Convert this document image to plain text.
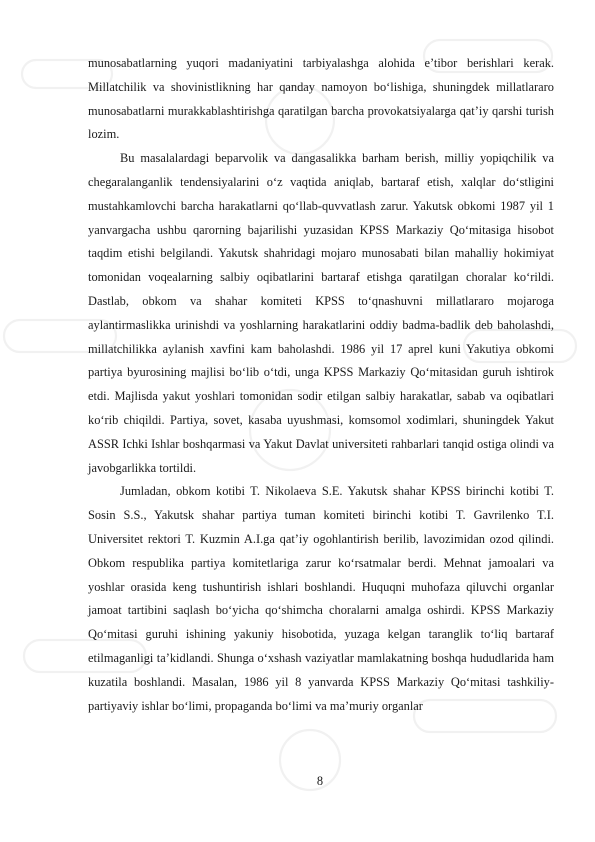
munosabatlarning yuqori madaniyatini tarbiyalashga alohida e’tibor berishlari kerak. Millatchilik va shovinistlikning har qanday namoyon bo‘lishiga, shuningdek millatlararo munosabatlarni murakkablashtirishga qaratilgan barcha provokatsiyalarga qat’iy qarshi turish lozim.

Bu masalalardagi beparvolik va dangasalikka barham berish, milliy yopiqchilik va chegaralanganlik tendensiyalarini o‘z vaqtida aniqlab, bartaraf etish, xalqlar do‘stligini mustahkamlovchi barcha harakatlarni qo‘llab-quvvatlash zarur. Yakutsk obkomi 1987 yil 1 yanvargacha ushbu qarorning bajarilishi yuzasidan KPSS Markaziy Qo‘mitasiga hisobot taqdim etishi belgilandi. Yakutsk shahridagi mojaro munosabati bilan mahalliy hokimiyat tomonidan voqealarning salbiy oqibatlarini bartaraf etishga qaratilgan choralar ko‘rildi. Dastlab, obkom va shahar komiteti KPSS to‘qnashuvni millatlararo mojaroga aylantirmaslikka urinishdi va yoshlarning harakatlarini oddiy badma-badlik deb baholashdi, millatchilikka aylanish xavfini kam baholashdi. 1986 yil 17 aprel kuni Yakutiya obkomi partiya byurosining majlisi bo‘lib o‘tdi, unga KPSS Markaziy Qo‘mitasidan guruh ishtirok etdi. Majlisda yakut yoshlari tomonidan sodir etilgan salbiy harakatlar, sabab va oqibatlari ko‘rib chiqildi. Partiya, sovet, kasaba uyushmasi, komsomol xodimlari, shuningdek Yakut ASSR Ichki Ishlar boshqarmasi va Yakut Davlat universiteti rahbarlari tanqid ostiga olindi va javobgarlikka tortildi.

Jumladan, obkom kotibi T. Nikolaeva S.E. Yakutsk shahar KPSS birinchi kotibi T. Sosin S.S., Yakutsk shahar partiya tuman komiteti birinchi kotibi T. Gavrilenko T.I. Universitet rektori T. Kuzmin A.I.ga qat’iy ogohlantirish berilib, lavozimidan ozod qilindi. Obkom respublika partiya komitetlariga zarur ko‘rsatmalar berdi. Mehnat jamoalari va yoshlar orasida keng tushuntirish ishlari boshlandi. Huquqni muhofaza qiluvchi organlar jamoat tartibini saqlash bo‘yicha qo‘shimcha choralarni amalga oshirdi. KPSS Markaziy Qo‘mitasi guruhi ishining yakuniy hisobotida, yuzaga kelgan taranglik to‘liq bartaraf etilmaganligi ta’kidlandi. Shunga o‘xshash vaziyatlar mamlakatning boshqa hududlarida ham kuzatila boshlandi. Masalan, 1986 yil 8 yanvarda KPSS Markaziy Qo‘mitasi tashkiliy-partiyaviy ishlar bo‘limi, propaganda bo‘limi va ma’muriy organlar

8
